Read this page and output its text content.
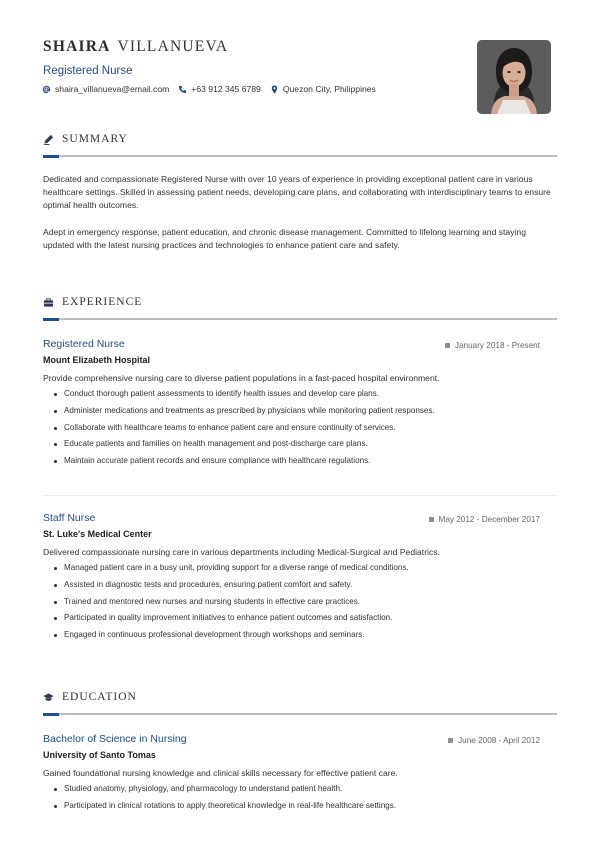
SHAIRA VILLANUEVA
Registered Nurse
shaira_villanueva@email.com	+63 912 345 6789	Quezon City, Philippines
SUMMARY

Dedicated and compassionate Registered Nurse with over 10 years of experience in providing exceptional patient care in various healthcare settings. Skilled in assessing patient needs, developing care plans, and collaborating with interdisciplinary teams to ensure optimal health outcomes.

Adept in emergency response, patient education, and chronic disease management. Committed to lifelong learning and staying updated with the latest nursing practices and technologies to enhance patient care and safety.

EXPERIENCE
Registered Nurse	January 2018 - Present
Mount Elizabeth Hospital
Provide comprehensive nursing care to diverse patient populations in a fast-paced hospital environment.
Conduct thorough patient assessments to identify health issues and develop care plans.
Administer medications and treatments as prescribed by physicians while monitoring patient responses.
Collaborate with healthcare teams to enhance patient care and ensure continuity of services.
Educate patients and families on health management and post-discharge care plans.
Maintain accurate patient records and ensure compliance with healthcare regulations.
Staff Nurse	May 2012 - December 2017
St. Luke's Medical Center
Delivered compassionate nursing care in various departments including Medical-Surgical and Pediatrics.
Managed patient care in a busy unit, providing support for a diverse range of medical conditions.
Assisted in diagnostic tests and procedures, ensuring patient comfort and safety.
Trained and mentored new nurses and nursing students in effective care practices.
Participated in quality improvement initiatives to enhance patient outcomes and satisfaction.
Engaged in continuous professional development through workshops and seminars.
EDUCATION
Bachelor of Science in Nursing	June 2008 - April 2012
University of Santo Tomas
Gained foundational nursing knowledge and clinical skills necessary for effective patient care.
Studied anatomy, physiology, and pharmacology to understand patient health.
Participated in clinical rotations to apply theoretical knowledge in real-life healthcare settings.
